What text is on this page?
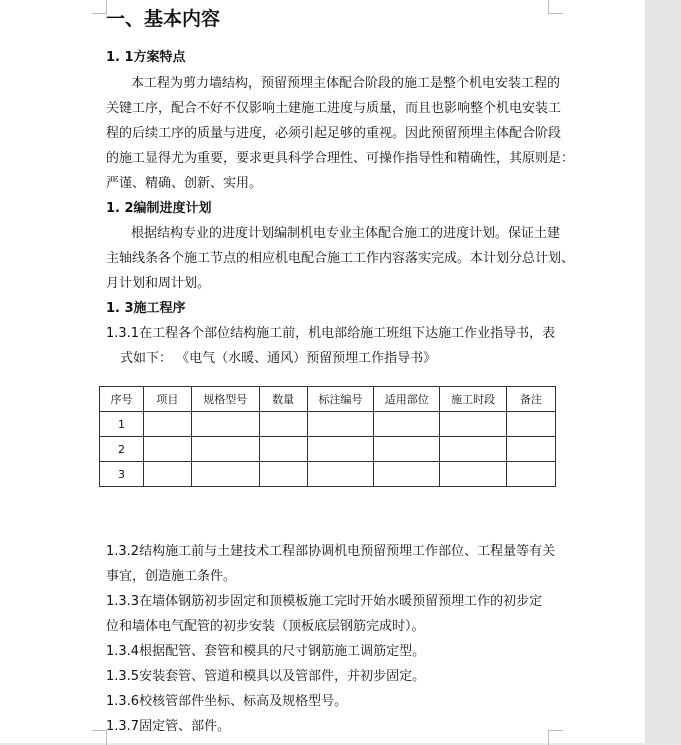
一、基本内容
1. 1方案特点
本工程为剪力墙结构，预留预埋主体配合阶段的施工是整个机电安装工程的
关键工序，配合不好不仅影响土建施工进度与质量，而且也影响整个机电安装工
程的后续工序的质量与进度，必须引起足够的重视。因此预留预埋主体配合阶段
的施工显得尤为重要，要求更具科学合理性、可操作指导性和精确性，其原则是：
严谨、精确、创新、实用。
1. 2编制进度计划
根据结构专业的进度计划编制机电专业主体配合施工的进度计划。保证土建
主轴线条各个施工节点的相应机电配合施工工作内容落实完成。本计划分总计划、
月计划和周计划。
1. 3施工程序
1.3.1在工程各个部位结构施工前，机电部给施工班组下达施工作业指导书，表
式如下： 《电气（水暖、通风）预留预埋工作指导书》
序号	项目	规格型号	数量	标注编号	适用部位	施工时段	备注
1							
2							
3							
1.3.2结构施工前与土建技术工程部协调机电预留预埋工作部位、工程量等有关
事宜，创造施工条件。
1.3.3在墙体钢筋初步固定和顶模板施工完时开始水暖预留预埋工作的初步定
位和墙体电气配管的初步安装（顶板底层钢筋完成时）。
1.3.4根据配管、套管和模具的尺寸钢筋施工调筋定型。
1.3.5安装套管、管道和模具以及管部件，并初步固定。
1.3.6校核管部件坐标、标高及规格型号。
1.3.7固定管、部件。
